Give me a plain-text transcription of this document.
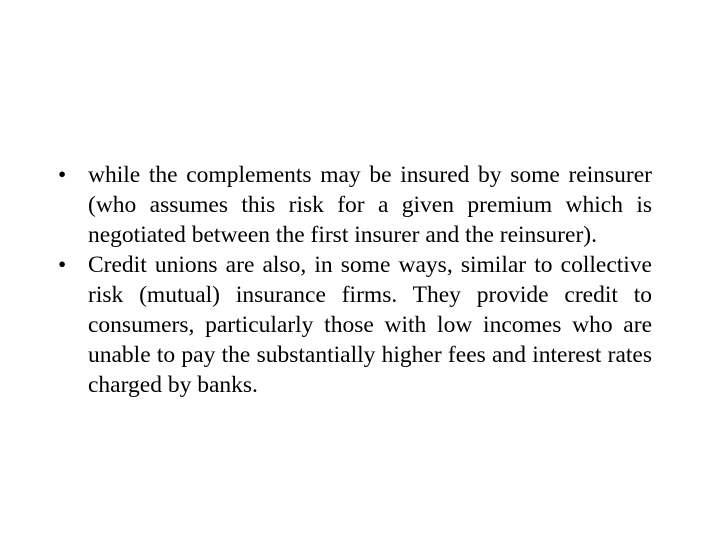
• while the complements may be insured by some reinsurer (who assumes this risk for a given premium which is negotiated between the first insurer and the reinsurer).
• Credit unions are also, in some ways, similar to collective risk (mutual) insurance firms. They provide credit to consumers, particularly those with low incomes who are unable to pay the substantially higher fees and interest rates charged by banks.
